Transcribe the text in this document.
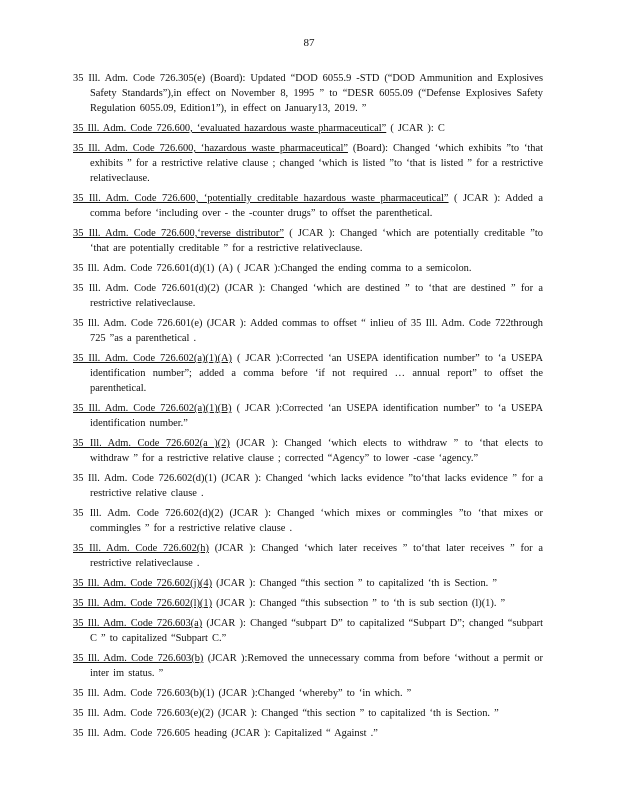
87

35 Ill. Adm. Code 726.305(e) (Board): Updated “DOD 6055.9 -STD (“DOD Ammunition and Explosives Safety Standards”),in effect on November 8, 1995 ” to “DESR 6055.09 (“Defense Explosives Safety Regulation 6055.09, Edition1”), in effect on January13, 2019. ”

35 Ill. Adm. Code 726.600, ‘evaluated hazardous waste pharmaceutical” ( JCAR ): C

35 Ill. Adm. Code 726.600, ‘hazardous waste pharmaceutical” (Board): Changed ‘which exhibits ”to ‘that exhibits ” for a restrictive relative clause ; changed ‘which is listed ”to ‘that is listed ” for a restrictive relativeclause.

35 Ill. Adm. Code 726.600, ‘potentially creditable hazardous waste pharmaceutical” ( JCAR ): Added a comma before ‘including over - the -counter drugs” to offset the parenthetical.

35 Ill. Adm. Code 726.600,‘reverse distributor” ( JCAR ): Changed ‘which are potentially creditable ”to ‘that are potentially creditable ” for a restrictive relativeclause.

35 Ill. Adm. Code 726.601(d)(1) (A) ( JCAR ):Changed the ending comma to a semicolon.

35 Ill. Adm. Code 726.601(d)(2) (JCAR ): Changed ‘which are destined ” to ‘that are destined ” for a restrictive relativeclause.

35 Ill. Adm. Code 726.601(e) (JCAR ): Added commas to offset “ inlieu of 35 Ill. Adm. Code 722through 725 ”as a parenthetical .

35 Ill. Adm. Code 726.602(a)(1)(A) ( JCAR ):Corrected ‘an USEPA identification number” to ‘a USEPA identification number”; added a comma before ‘if not required … annual report” to offset the parenthetical.

35 Ill. Adm. Code 726.602(a)(1)(B) ( JCAR ):Corrected ‘an USEPA identification number” to ‘a USEPA identification number.”

35 Ill. Adm. Code 726.602(a )(2) (JCAR ): Changed ‘which elects to withdraw ” to ‘that elects to withdraw ” for a restrictive relative clause ; corrected “Agency” to lower -case ‘agency.”

35 Ill. Adm. Code 726.602(d)(1) (JCAR ): Changed ‘which lacks evidence ”to‘that lacks evidence ” for a restrictive relative clause .

35 Ill. Adm. Code 726.602(d)(2) (JCAR ): Changed ‘which mixes or commingles ”to ‘that mixes or commingles ” for a restrictive relative clause .

35 Ill. Adm. Code 726.602(h) (JCAR ): Changed ‘which later receives ” to‘that later receives ” for a restrictive relativeclause .

35 Ill. Adm. Code 726.602(j)(4) (JCAR ): Changed “this section ” to capitalized ‘th is Section. ”

35 Ill. Adm. Code 726.602(l)(1) (JCAR ): Changed “this subsection ” to ‘th is sub section (l)(1). ”

35 Ill. Adm. Code 726.603(a) (JCAR ): Changed “subpart D” to capitalized “Subpart D”; changed “subpart C ” to capitalized “Subpart C.”

35 Ill. Adm. Code 726.603(b) (JCAR ):Removed the unnecessary comma from before ‘without a permit or inter im status. ”

35 Ill. Adm. Code 726.603(b)(1) (JCAR ):Changed ‘whereby” to ‘in which. ”

35 Ill. Adm. Code 726.603(e)(2) (JCAR ): Changed “this section ” to capitalized ‘th is Section. ”

35 Ill. Adm. Code 726.605 heading (JCAR ): Capitalized “ Against .”
